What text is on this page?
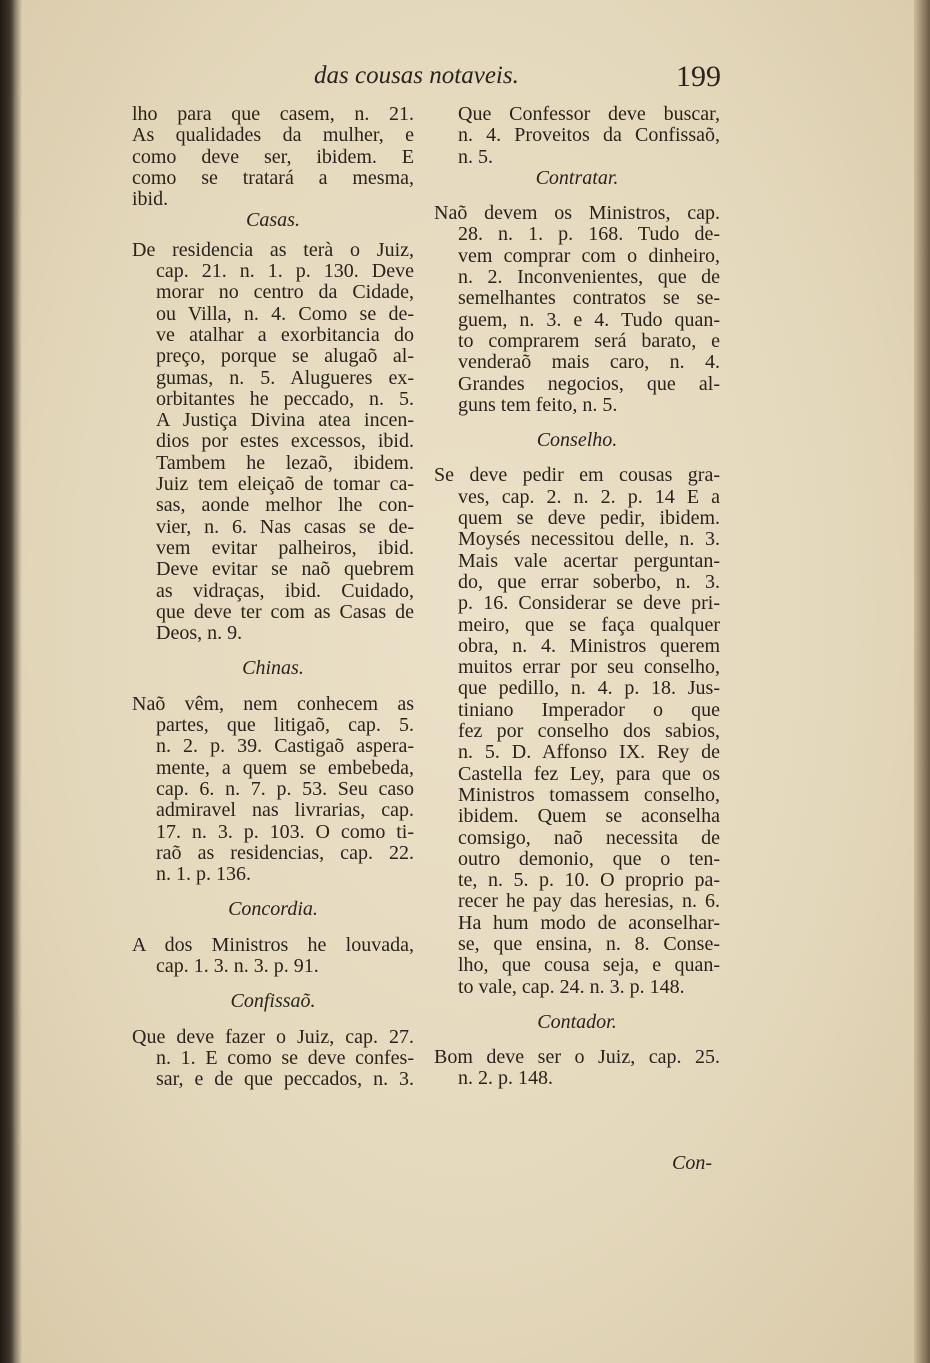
das cousas notaveis.	199
lho para que casem, n. 21.
As qualidades da mulher, e
como deve ser, ibidem. E
como se tratará a mesma,
ibid.
Casas.
De residencia as terà o Juiz,
cap. 21. n. 1. p. 130. Deve
morar no centro da Cidade,
ou Villa, n. 4. Como se de-
ve atalhar a exorbitancia do
preço, porque se alugaõ al-
gumas, n. 5. Alugueres ex-
orbitantes he peccado, n. 5.
A Justiça Divina atea incen-
dios por estes excessos, ibid.
Tambem he lezaõ, ibidem.
Juiz tem eleiçaõ de tomar ca-
sas, aonde melhor lhe con-
vier, n. 6. Nas casas se de-
vem evitar palheiros, ibid.
Deve evitar se naõ quebrem
as vidraças, ibid. Cuidado,
que deve ter com as Casas de
Deos, n. 9.
Chinas.
Naõ vêm, nem conhecem as
partes, que litigaõ, cap. 5.
n. 2. p. 39. Castigaõ aspera-
mente, a quem se embebeda,
cap. 6. n. 7. p. 53. Seu caso
admiravel nas livrarias, cap.
17. n. 3. p. 103. O como ti-
raõ as residencias, cap. 22.
n. 1. p. 136.
Concordia.
A dos Ministros he louvada,
cap. 1. 3. n. 3. p. 91.
Confissaõ.
Que deve fazer o Juiz, cap. 27.
n. 1. E como se deve confes-
sar, e de que peccados, n. 3.
Que Confessor deve buscar,
n. 4. Proveitos da Confissaõ,
n. 5.
Contratar.
Naõ devem os Ministros, cap.
28. n. 1. p. 168. Tudo de-
vem comprar com o dinheiro,
n. 2. Inconvenientes, que de
semelhantes contratos se se-
guem, n. 3. e 4. Tudo quan-
to comprarem será barato, e
venderaõ mais caro, n. 4.
Grandes negocios, que al-
guns tem feito, n. 5.
Conselho.
Se deve pedir em cousas gra-
ves, cap. 2. n. 2. p. 14 E a
quem se deve pedir, ibidem.
Moysés necessitou delle, n. 3.
Mais vale acertar perguntan-
do, que errar soberbo, n. 3.
p. 16. Considerar se deve pri-
meiro, que se faça qualquer
obra, n. 4. Ministros querem
muitos errar por seu conselho,
que pedillo, n. 4. p. 18. Jus-
tiniano Imperador o que
fez por conselho dos sabios,
n. 5. D. Affonso IX. Rey de
Castella fez Ley, para que os
Ministros tomassem conselho,
ibidem. Quem se aconselha
comsigo, naõ necessita de
outro demonio, que o ten-
te, n. 5. p. 10. O proprio pa-
recer he pay das heresias, n. 6.
Ha hum modo de aconselhar-
se, que ensina, n. 8. Conse-
lho, que cousa seja, e quan-
to vale, cap. 24. n. 3. p. 148.
Contador.
Bom deve ser o Juiz, cap. 25.
n. 2. p. 148.
Con-
